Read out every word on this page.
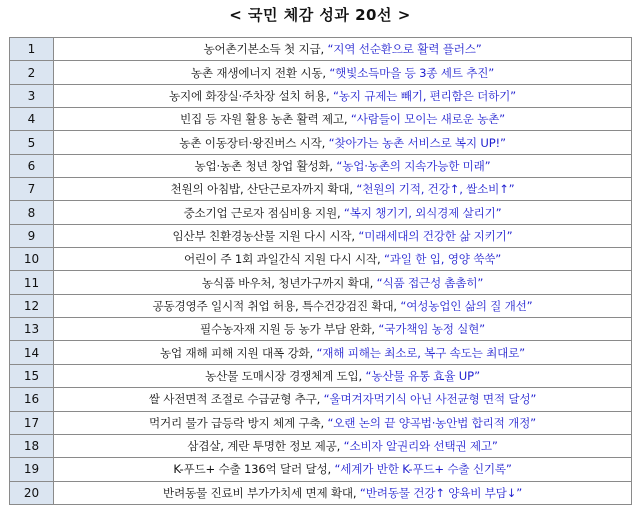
< 국민 체감 성과 20선 >
1	농어촌기본소득 첫 지급, “지역 선순환으로 활력 플러스”
2	농촌 재생에너지 전환 시동, “햇빛소득마을 등 3종 세트 추진”
3	농지에 화장실·주차장 설치 허용, “농지 규제는 빼기, 편리함은 더하기”
4	빈집 등 자원 활용 농촌 활력 제고, “사람들이 모이는 새로운 농촌”
5	농촌 이동장터·왕진버스 시작, “찾아가는 농촌 서비스로 복지 UP!”
6	농업·농촌 청년 창업 활성화, “농업·농촌의 지속가능한 미래”
7	천원의 아침밥, 산단근로자까지 확대, “천원의 기적, 건강↑, 쌀소비↑”
8	중소기업 근로자 점심비용 지원, “복지 챙기기, 외식경제 살리기”
9	임산부 친환경농산물 지원 다시 시작, “미래세대의 건강한 삶 지키기”
10	어린이 주 1회 과일간식 지원 다시 시작, “과일 한 입, 영양 쑥쑥”
11	농식품 바우처, 청년가구까지 확대, “식품 접근성 촘촘히”
12	공동경영주 일시적 취업 허용, 특수건강검진 확대, “여성농업인 삶의 질 개선”
13	필수농자재 지원 등 농가 부담 완화, “국가책임 농정 실현”
14	농업 재해 피해 지원 대폭 강화, “재해 피해는 최소로, 복구 속도는 최대로”
15	농산물 도매시장 경쟁체계 도입, “농산물 유통 효율 UP”
16	쌀 사전면적 조절로 수급균형 추구, “울며겨자먹기식 아닌 사전균형 면적 달성”
17	먹거리 물가 급등락 방지 체계 구축, “오랜 논의 끝 양곡법·농안법 합리적 개정”
18	삼겹살, 계란 투명한 정보 제공, “소비자 알권리와 선택권 제고”
19	K-푸드+ 수출 136억 달러 달성, “세계가 반한 K-푸드+ 수출 신기록”
20	반려동물 진료비 부가가치세 면제 확대, “반려동물 건강↑ 양육비 부담↓”
